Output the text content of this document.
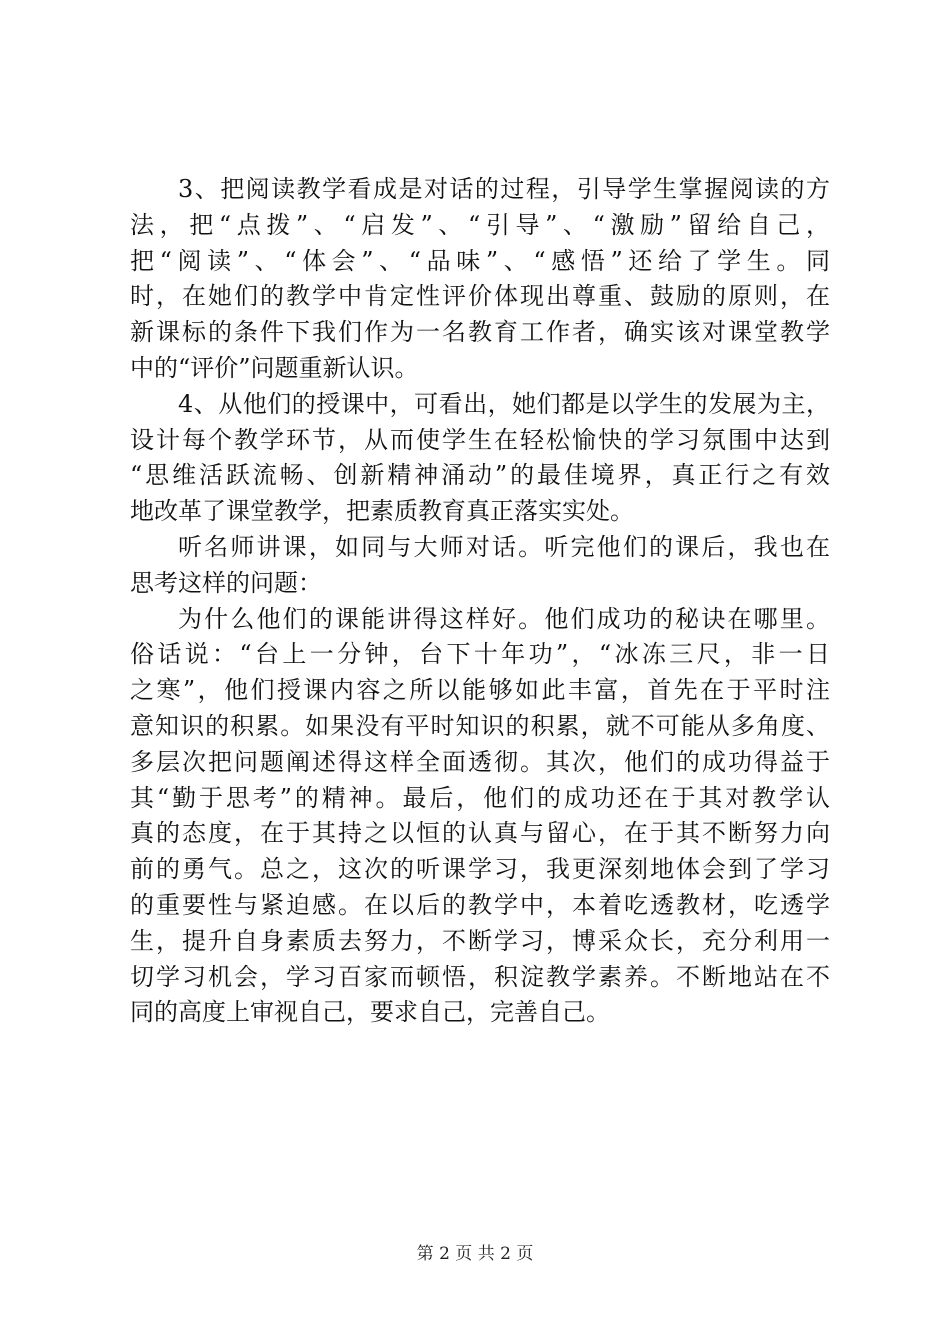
3、把阅读教学看成是对话的过程，引导学生掌握阅读的方
法，把“点拨”、“启发”、“引导”、“激励”留给自己，
把“阅读”、“体会”、“品味”、“感悟”还给了学生。同
时，在她们的教学中肯定性评价体现出尊重、鼓励的原则，在
新课标的条件下我们作为一名教育工作者，确实该对课堂教学
中的“评价”问题重新认识。
4、从他们的授课中，可看出，她们都是以学生的发展为主，
设计每个教学环节，从而使学生在轻松愉快的学习氛围中达到
“思维活跃流畅、创新精神涌动”的最佳境界，真正行之有效
地改革了课堂教学，把素质教育真正落实实处。
听名师讲课，如同与大师对话。听完他们的课后，我也在
思考这样的问题：
为什么他们的课能讲得这样好。他们成功的秘诀在哪里。
俗话说：“台上一分钟，台下十年功”，“冰冻三尺，非一日
之寒”，他们授课内容之所以能够如此丰富，首先在于平时注
意知识的积累。如果没有平时知识的积累，就不可能从多角度、
多层次把问题阐述得这样全面透彻。其次，他们的成功得益于
其“勤于思考”的精神。最后，他们的成功还在于其对教学认
真的态度，在于其持之以恒的认真与留心，在于其不断努力向
前的勇气。总之，这次的听课学习，我更深刻地体会到了学习
的重要性与紧迫感。在以后的教学中，本着吃透教材，吃透学
生，提升自身素质去努力，不断学习，博采众长，充分利用一
切学习机会，学习百家而顿悟，积淀教学素养。不断地站在不
同的高度上审视自己，要求自己，完善自己。
第 2 页 共 2 页
